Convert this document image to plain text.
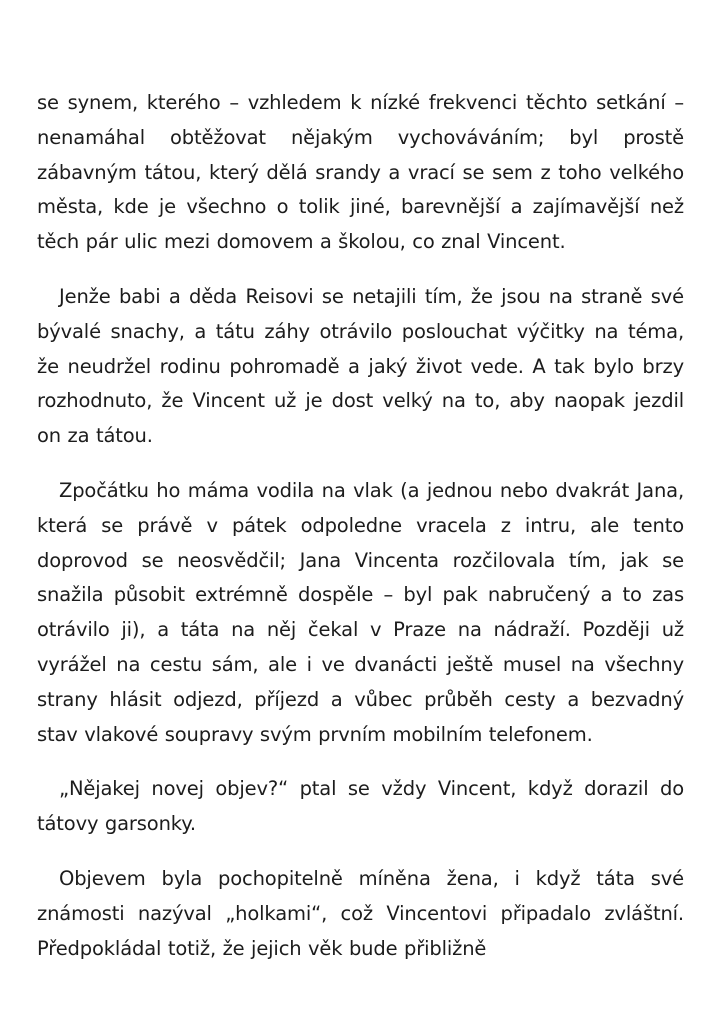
se synem, kterého – vzhledem k nízké frekvenci těchto setkání – nenamáhal obtěžovat nějakým vychováváním; byl prostě zábavným tátou, který dělá srandy a vrací se sem z toho velkého města, kde je všechno o tolik jiné, barevnější a zajímavější než těch pár ulic mezi domovem a školou, co znal Vincent.

Jenže babi a děda Reisovi se netajili tím, že jsou na straně své bývalé snachy, a tátu záhy otrávilo poslouchat výčitky na téma, že neudržel rodinu pohromadě a jaký život vede. A tak bylo brzy rozhodnuto, že Vincent už je dost velký na to, aby naopak jezdil on za tátou.

Zpočátku ho máma vodila na vlak (a jednou nebo dvakrát Jana, která se právě v pátek odpoledne vracela z intru, ale tento doprovod se neosvědčil; Jana Vincenta rozčilovala tím, jak se snažila působit extrémně dospěle – byl pak nabručený a to zas otrávilo ji), a táta na něj čekal v Praze na nádraží. Později už vyrážel na cestu sám, ale i ve dvanácti ještě musel na všechny strany hlásit odjezd, příjezd a vůbec průběh cesty a bezvadný stav vlakové soupravy svým prvním mobilním telefonem.

„Nějakej novej objev?“ ptal se vždy Vincent, když dorazil do tátovy garsonky.

Objevem byla pochopitelně míněna žena, i když táta své známosti nazýval „holkami“, což Vincentovi připadalo zvláštní. Předpokládal totiž, že jejich věk bude přibližně
